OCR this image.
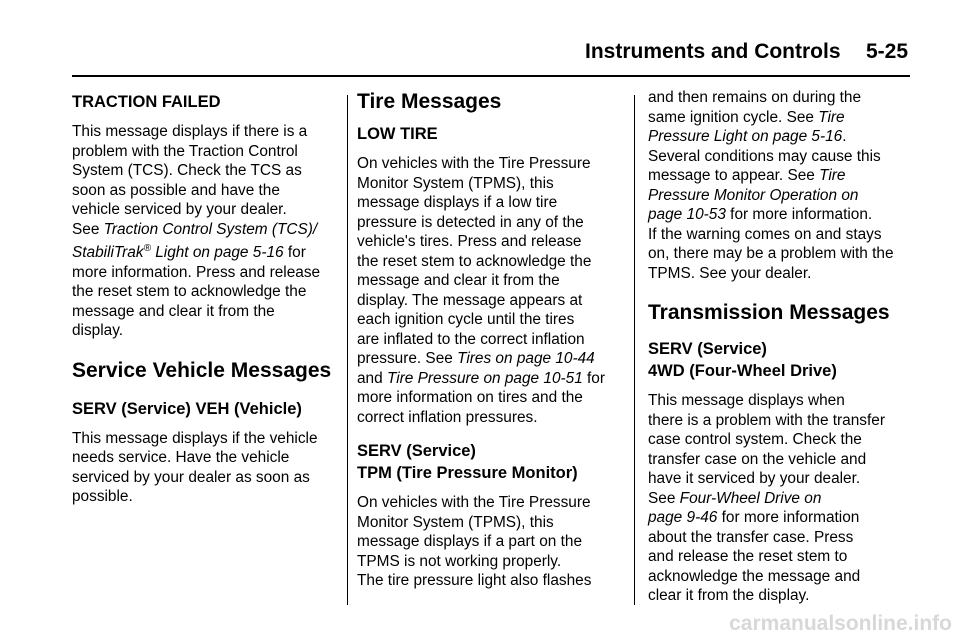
Instruments and Controls 5-25
TRACTION FAILED

This message displays if there is a

problem with the Traction Control

System (TCS). Check the TCS as

soon as possible and have the

vehicle serviced by your dealer.

See Traction Control System (TCS)/

StabiliTrak® Light on page 5-16 for

more information. Press and release

the reset stem to acknowledge the

message and clear it from the

display.

Service Vehicle Messages
SERV (Service) VEH (Vehicle)

This message displays if the vehicle

needs service. Have the vehicle

serviced by your dealer as soon as

possible.

Tire Messages
LOW TIRE

On vehicles with the Tire Pressure

Monitor System (TPMS), this

message displays if a low tire

pressure is detected in any of the

vehicle's tires. Press and release

the reset stem to acknowledge the

message and clear it from the

display. The message appears at

each ignition cycle until the tires

are inflated to the correct inflation

pressure. See Tires on page 10-44

and Tire Pressure on page 10-51 for

more information on tires and the

correct inflation pressures.

SERV (Service)
TPM (Tire Pressure Monitor)

On vehicles with the Tire Pressure

Monitor System (TPMS), this

message displays if a part on the

TPMS is not working properly.

The tire pressure light also flashes

and then remains on during the

same ignition cycle. See Tire

Pressure Light on page 5-16.

Several conditions may cause this

message to appear. See Tire

Pressure Monitor Operation on

page 10-53 for more information.

If the warning comes on and stays

on, there may be a problem with the

TPMS. See your dealer.

Transmission Messages
SERV (Service)
4WD (Four-Wheel Drive)

This message displays when

there is a problem with the transfer

case control system. Check the

transfer case on the vehicle and

have it serviced by your dealer.

See Four-Wheel Drive on

page 9-46 for more information

about the transfer case. Press

and release the reset stem to

acknowledge the message and

clear it from the display.

carmanualsonline.info
